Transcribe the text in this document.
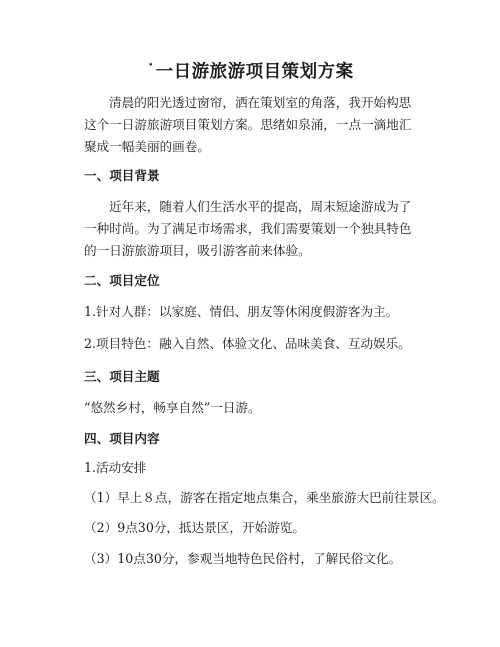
˙一日游旅游项目策划方案

清晨的阳光透过窗帘，洒在策划室的角落，我开始构思这个一日游旅游项目策划方案。思绪如泉涌，一点一滴地汇聚成一幅美丽的画卷。

一、项目背景

近年来，随着人们生活水平的提高，周末短途游成为了一种时尚。为了满足市场需求，我们需要策划一个独具特色的一日游旅游项目，吸引游客前来体验。

二、项目定位

1.针对人群：以家庭、情侣、朋友等休闲度假游客为主。

2.项目特色：融入自然、体验文化、品味美食、互动娱乐。

三、项目主题

“悠然乡村，畅享自然”一日游。

四、项目内容

1.活动安排

（1）早上８点，游客在指定地点集合，乘坐旅游大巴前往景区。

（2）9点30分，抵达景区，开始游览。

（3）10点30分，参观当地特色民俗村，了解民俗文化。
